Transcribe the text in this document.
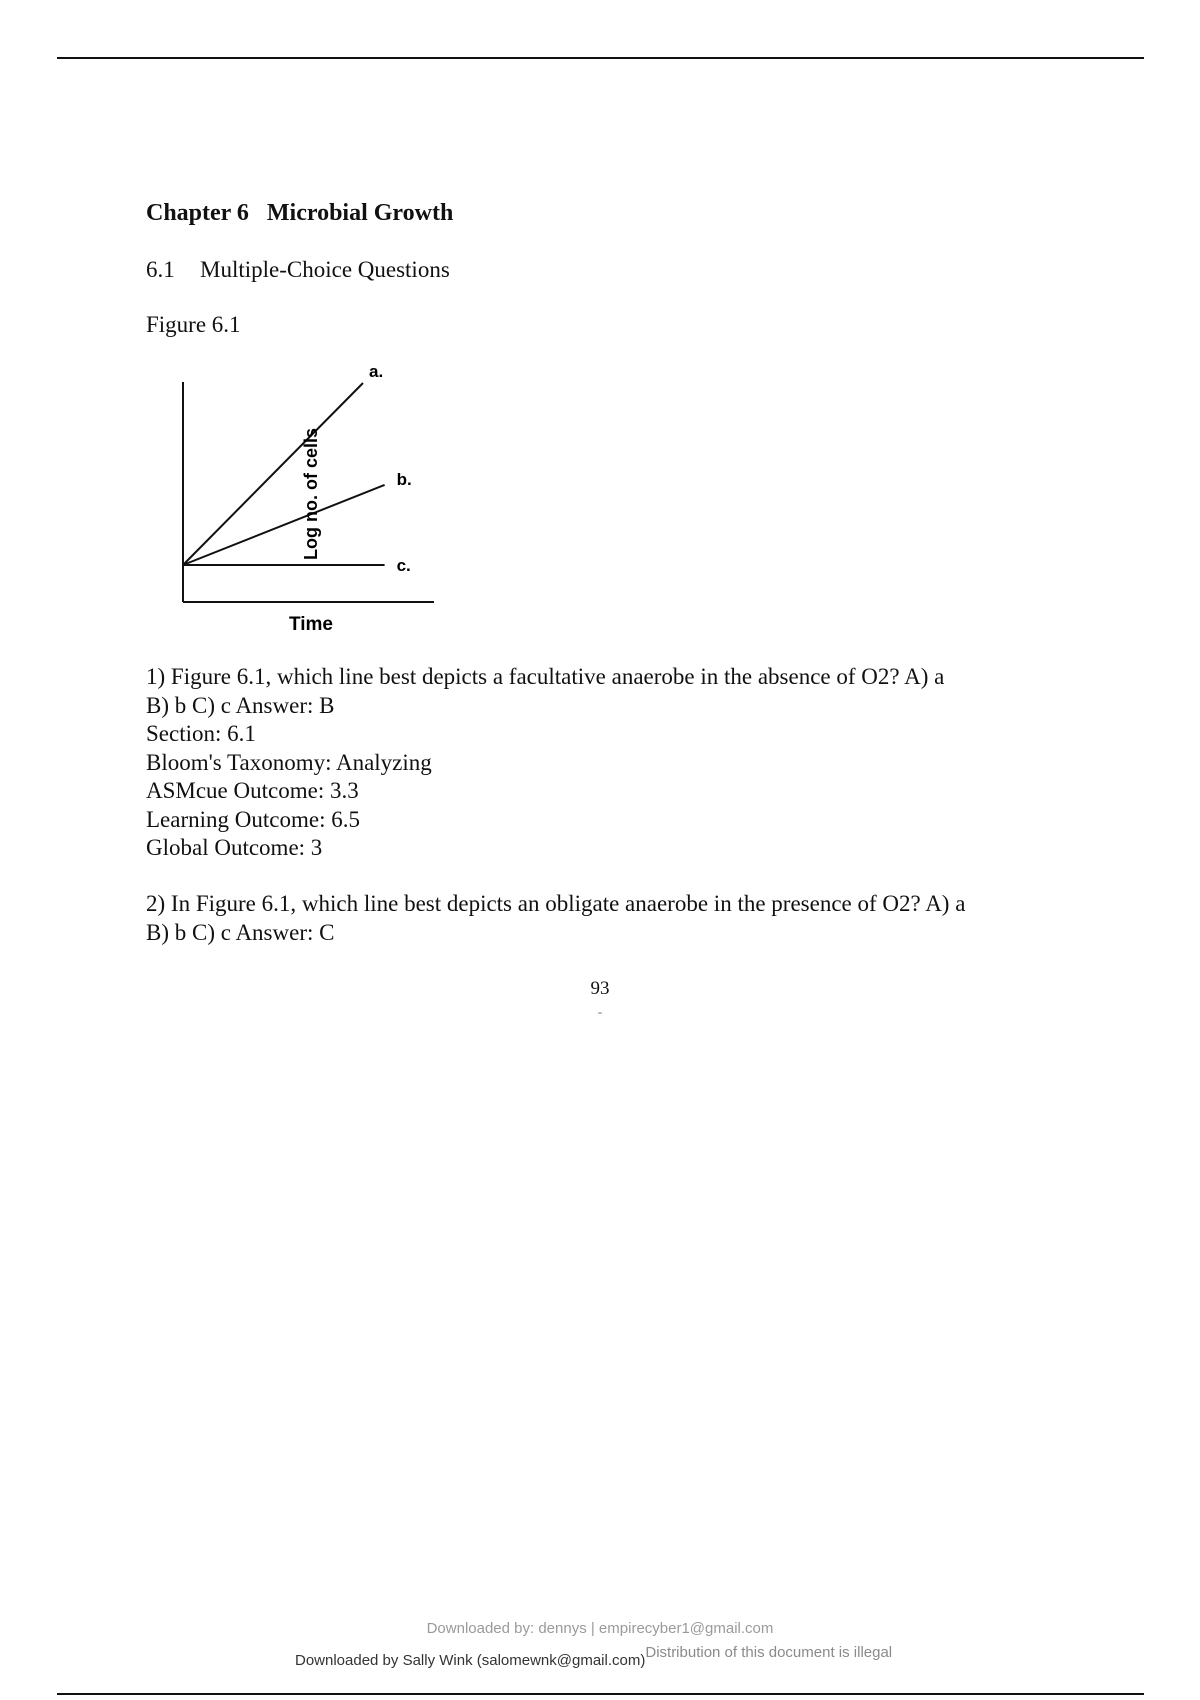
Chapter 6 Microbial Growth
6.1 Multiple-Choice Questions
Figure 6.1
a.
b.
c.
Time
Log no. of cells
1) Figure 6.1, which line best depicts a facultative anaerobe in the absence of O2? A) a
B) b C) c Answer: B
Section: 6.1
Bloom's Taxonomy: Analyzing
ASMcue Outcome: 3.3
Learning Outcome: 6.5
Global Outcome: 3
2) In Figure 6.1, which line best depicts an obligate anaerobe in the presence of O2? A) a
B) b C) c Answer: C
93
-
Downloaded by: dennys | empirecyber1@gmail.com
Downloaded by Sally Wink (salomewnk@gmail.com)Distribution of this document is illegal
